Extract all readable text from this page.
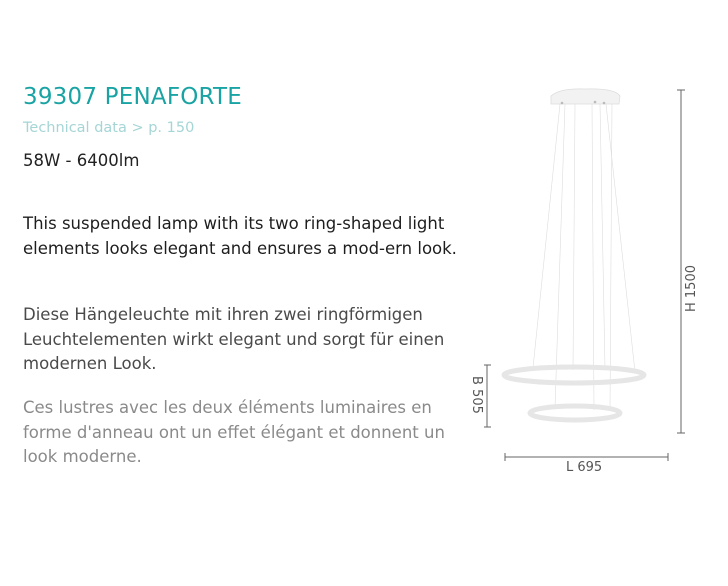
39307 PENAFORTE
Technical data > p. 150
58W - 6400lm
This suspended lamp with its two ring-shaped light elements looks elegant and ensures a mod-ern look.
Diese Hängeleuchte mit ihren zwei ringförmigen Leuchtelementen wirkt elegant und sorgt für einen modernen Look.
Ces lustres avec les deux éléments luminaires en forme d'anneau ont un effet élégant et donnent un look moderne.
H 1500
B 505
L 695
